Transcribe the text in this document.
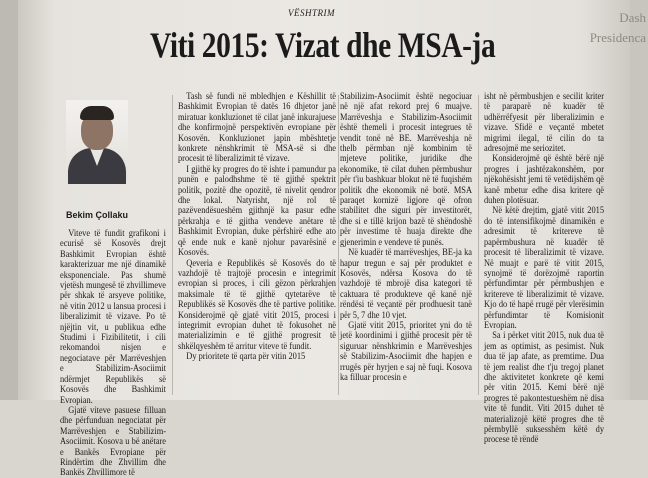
Dash
Presidenca
VËSHTRIM
Viti 2015: Vizat dhe MSA-ja
Bekim Çollaku

Viteve të fundit grafikoni i ecurisë së Kosovës drejt Bashkimit Evropian është karakterizuar me një dinamikë eksponenciale. Pas shumë vjetësh mungesë të zhvillimeve për shkak të arsyeve politike, në vitin 2012 u lansua procesi i liberalizimit të vizave. Po të njëjtin vit, u publikua edhe Studimi i Fizibilitetit, i cili rekomandoi nisjen e negociatave për Marrëveshjen e Stabilizim-Asociimit ndërmjet Republikës së Kosovës dhe Bashkimit Evropian.

Gjatë viteve pasuese filluan dhe përfunduan negociatat për Marrëveshjen e Stabilizim- Asociimit. Kosova u bë anëtare e Bankës Evropiane për Rindërtim dhe Zhvillim dhe Bankës Zhvillimore të

Tash së fundi në mbledhjen e Këshillit të Bashkimit Evropian të datës 16 dhjetor janë miratuar konkluzionet të cilat janë inkurajuese dhe konfirmojnë perspektivën evropiane për Kosovën. Konkluzionet japin mbështetje konkrete nënshkrimit të MSA-së si dhe procesit të liberalizimit të vizave.

I gjithë ky progres do të ishte i pamundur pa punën e palodhshme të të gjithë spektrit politik, pozitë dhe opozitë, të nivelit qendror dhe lokal. Natyrisht, një rol të pazëvendësueshëm gjithnjë ka pasur edhe përkrahja e të gjitha vendeve anëtare të Bashkimit Evropian, duke përfshirë edhe ato që ende nuk e kanë njohur pavarësinë e Kosovës.

Qeveria e Republikës së Kosovës do të vazhdojë të trajtojë procesin e integrimit evropian si proces, i cili gëzon përkrahjen maksimale të të gjithë qytetarëve të Republikës së Kosovës dhe të partive politike. Konsiderojmë që gjatë vitit 2015, procesi i integrimit evropian duhet të fokusohet në materializimin e të gjithë progresit të shkëlqyeshëm të arritur viteve të fundit.

Dy prioritete të qarta për vitin 2015

Stabilizim-Asociimit është negociuar në një afat rekord prej 6 muajve. Marrëveshja e Stabilizim-Asociimit është themeli i procesit integrues të vendit tonë në BE. Marrëveshja në thelb përmban një kombinim të mjeteve politike, juridike dhe ekonomike, të cilat duhen përmbushur për t'iu bashkuar blokut në të fuqishëm politik dhe ekonomik në botë. MSA paraqet kornizë ligjore që ofron stabilitet dhe siguri për investitorët, dhe si e tillë krijon bazë të shëndoshë për investime të huaja direkte dhe gjenerimin e vendeve të punës.

Në kuadër të marrëveshjes, BE-ja ka hapur tregun e saj për produktet e Kosovës, ndërsa Kosova do të vazhdojë të mbrojë disa kategori të caktuara të produkteve që kanë një rëndësi të veçantë për prodhuesit tanë për 5, 7 dhe 10 vjet.

Gjatë vitit 2015, prioritet yni do të jetë koordinimi i gjithë procesit për të siguruar nënshkrimin e Marrëveshjes së Stabilizim-Asociimit dhe hapjen e rrugës për hyrjen e saj në fuqi. Kosova ka filluar procesin e

isht në përmbushjen e secilit kriter të paraparë në kuadër të udhërrëfyesit për liberalizimin e vizave. Sfidë e veçantë mbetet migrimi ilegal, të cilin do ta adresojmë me seriozitet.

Konsiderojmë që është bërë një progres i jashtëzakonshëm, por njëkohësisht jemi të vetëdijshëm që kanë mbetur edhe disa kritere që duhen plotësuar.

Në këtë drejtim, gjatë vitit 2015 do të intensifikojmë dinamikën e adresimit të kritereve të papërmbushura në kuadër të procesit të liberalizimit të vizave. Në muajt e parë të vitit 2015, synojmë të dorëzojmë raportin përfundimtar për përmbushjen e kritereve të liberalizimit të vizave. Kjo do të hapë rrugë për vlerësimin përfundimtar të Komisionit Evropian.

Sa i përket vitit 2015, nuk dua të jem as optimist, as pesimist. Nuk dua të jap afate, as premtime. Dua të jem realist dhe t'ju tregoj planet dhe aktivitetet konkrete që kemi për vitin 2015. Kemi bërë një progres të pakontestueshëm në disa vite të fundit. Viti 2015 duhet të materializojë këtë progres dhe të përmbyllë suksesshëm këtë dy procese të rëndë
